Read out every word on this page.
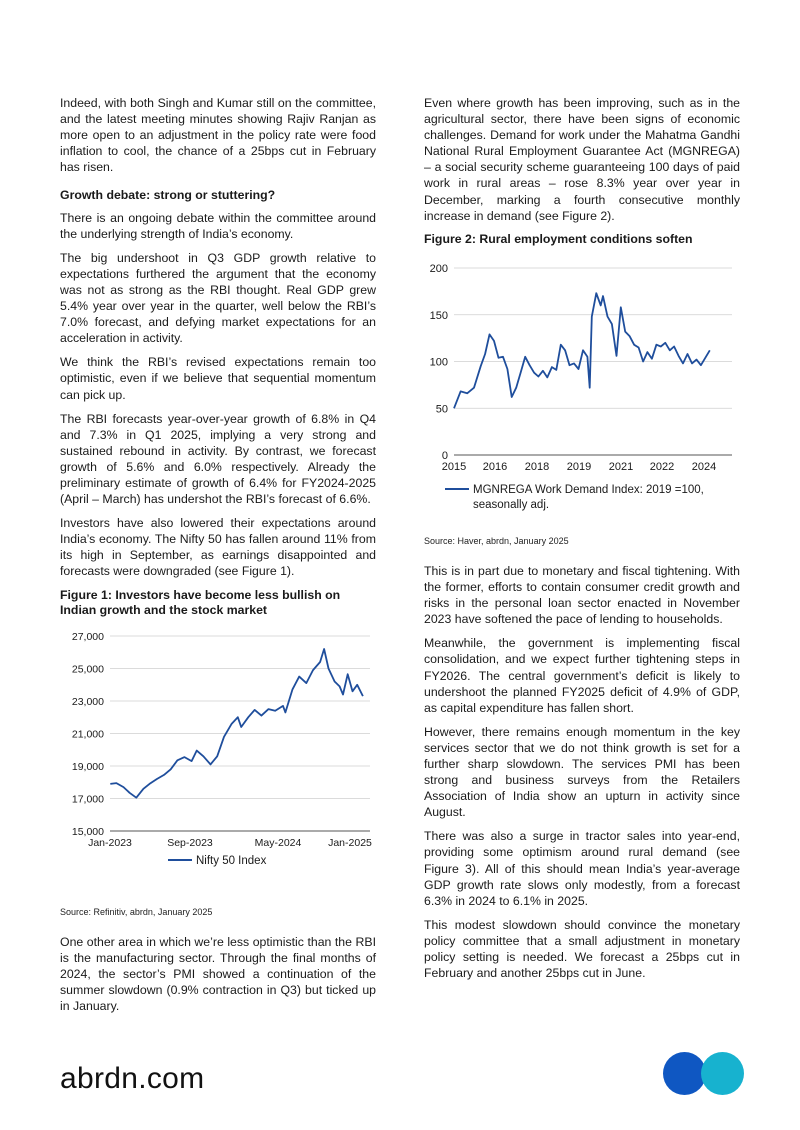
Indeed, with both Singh and Kumar still on the committee, and the latest meeting minutes showing Rajiv Ranjan as more open to an adjustment in the policy rate were food inflation to cool, the chance of a 25bps cut in February has risen.

Growth debate: strong or stuttering?

There is an ongoing debate within the committee around the underlying strength of India’s economy.

The big undershoot in Q3 GDP growth relative to expectations furthered the argument that the economy was not as strong as the RBI thought. Real GDP grew 5.4% year over year in the quarter, well below the RBI’s 7.0% forecast, and defying market expectations for an acceleration in activity.

We think the RBI’s revised expectations remain too optimistic, even if we believe that sequential momentum can pick up.

The RBI forecasts year-over-year growth of 6.8% in Q4 and 7.3% in Q1 2025, implying a very strong and sustained rebound in activity. By contrast, we forecast growth of 5.6% and 6.0% respectively. Already the preliminary estimate of growth of 6.4% for FY2024-2025 (April – March) has undershot the RBI’s forecast of 6.6%.

Investors have also lowered their expectations around India’s economy. The Nifty 50 has fallen around 11% from its high in September, as earnings disappointed and forecasts were downgraded (see Figure 1).

Figure 1: Investors have become less bullish on Indian growth and the stock market
15,000
17,000
19,000
21,000
23,000
25,000
27,000
Jan-2023	Sep-2023	May-2024	Jan-2025
Nifty 50 Index
Source: Refinitiv, abrdn, January 2025

One other area in which we’re less optimistic than the RBI is the manufacturing sector. Through the final months of 2024, the sector’s PMI showed a continuation of the summer slowdown (0.9% contraction in Q3) but ticked up in January.

Even where growth has been improving, such as in the agricultural sector, there have been signs of economic challenges. Demand for work under the Mahatma Gandhi National Rural Employment Guarantee Act (MGNREGA) – a social security scheme guaranteeing 100 days of paid work in rural areas – rose 8.3% year over year in December, marking a fourth consecutive monthly increase in demand (see Figure 2).

Figure 2: Rural employment conditions soften
0
50
100
150
200
2015 2016 2018 2019 2021 2022 2024
MGNREGA Work Demand Index: 2019 =100, seasonally adj.
Source: Haver, abrdn, January 2025

This is in part due to monetary and fiscal tightening. With the former, efforts to contain consumer credit growth and risks in the personal loan sector enacted in November 2023 have softened the pace of lending to households.

Meanwhile, the government is implementing fiscal consolidation, and we expect further tightening steps in FY2026. The central government’s deficit is likely to undershoot the planned FY2025 deficit of 4.9% of GDP, as capital expenditure has fallen short.

However, there remains enough momentum in the key services sector that we do not think growth is set for a further sharp slowdown. The services PMI has been strong and business surveys from the Retailers Association of India show an upturn in activity since August.

There was also a surge in tractor sales into year-end, providing some optimism around rural demand (see Figure 3). All of this should mean India’s year-average GDP growth rate slows only modestly, from a forecast 6.3% in 2024 to 6.1% in 2025.

This modest slowdown should convince the monetary policy committee that a small adjustment in monetary policy setting is needed. We forecast a 25bps cut in February and another 25bps cut in June.

abrdn.com
